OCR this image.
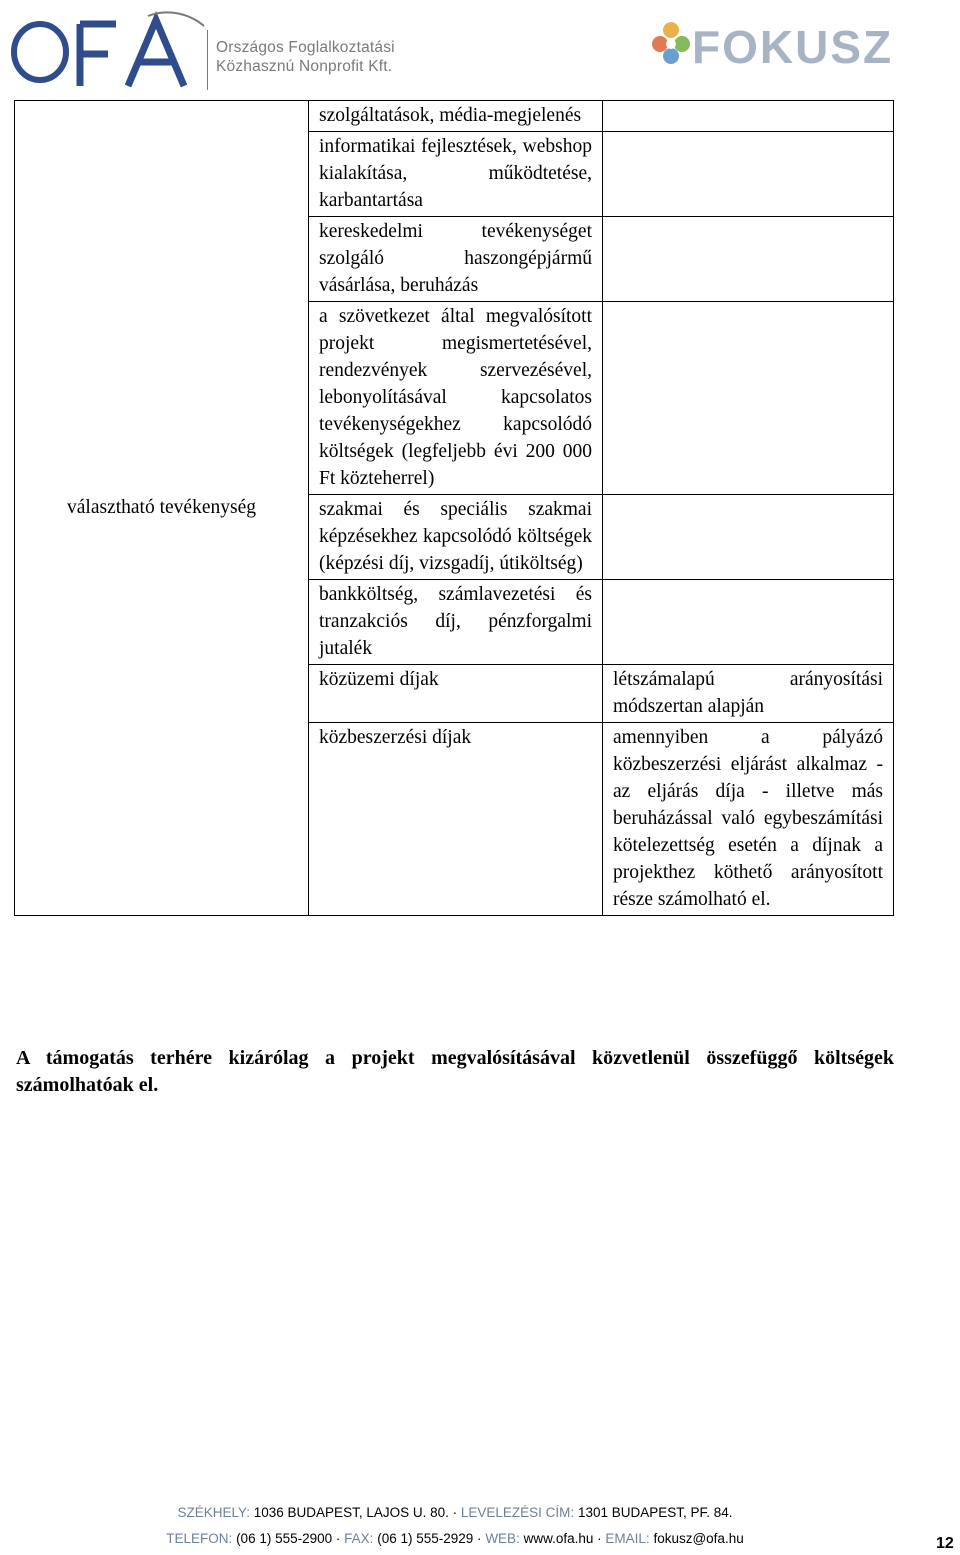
Országos Foglalkoztatási
Közhasznú Nonprofit Kft.	FOKUSZ
választható tevékenység	szolgáltatások, média-megjelenés	
	informatikai fejlesztések, webshop kialakítása, működtetése, karbantartása	
	kereskedelmi tevékenységet szolgáló haszongépjármű vásárlása, beruházás	
	a szövetkezet által megvalósított projekt megismertetésével, rendezvények szervezésével, lebonyolításával kapcsolatos tevékenységekhez kapcsolódó költségek (legfeljebb évi 200 000 Ft közteherrel)	
	szakmai és speciális szakmai képzésekhez kapcsolódó költségek (képzési díj, vizsgadíj, útiköltség)	
	bankköltség, számlavezetési és tranzakciós díj, pénzforgalmi jutalék	
	közüzemi díjak	létszámalapú arányosítási módszertan alapján
	közbeszerzési díjak	amennyiben a pályázó közbeszerzési eljárást alkalmaz - az eljárás díja - illetve más beruházással való egybeszámítási kötelezettség esetén a díjnak a projekthez köthető arányosított része számolható el.
A támogatás terhére kizárólag a projekt megvalósításával közvetlenül összefüggő költségek számolhatóak el.
SZÉKHELY: 1036 BUDAPEST, LAJOS U. 80. · LEVELEZÉSI CÍM: 1301 BUDAPEST, PF. 84.
TELEFON: (06 1) 555-2900 · FAX: (06 1) 555-2929 · WEB: www.ofa.hu · EMAIL: fokusz@ofa.hu	12
